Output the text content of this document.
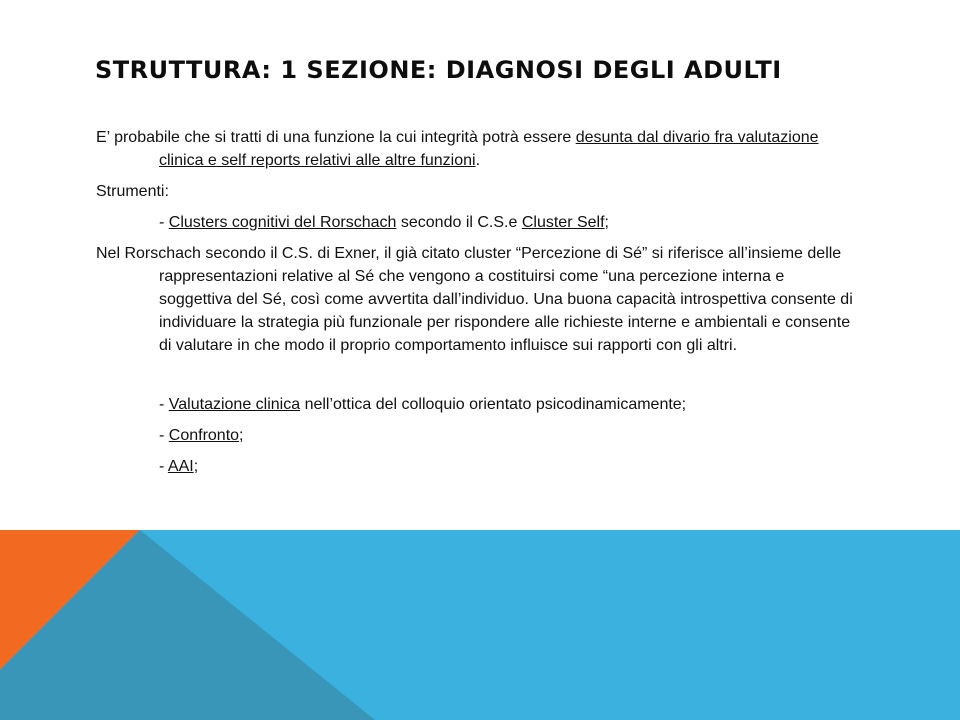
STRUTTURA: 1 SEZIONE: DIAGNOSI DEGLI ADULTI

E’ probabile che si tratti di una funzione la cui integrità potrà essere desunta dal divario fra valutazione clinica e self reports relativi alle altre funzioni.

Strumenti:

- Clusters cognitivi del Rorschach secondo il C.S.e Cluster Self;

Nel Rorschach secondo il C.S. di Exner, il già citato cluster “Percezione di Sé” si riferisce all’insieme delle rappresentazioni relative al Sé che vengono a costituirsi come “una percezione interna e soggettiva del Sé, così come avvertita dall’individuo. Una buona capacità introspettiva consente di individuare la strategia più funzionale per rispondere alle richieste interne e ambientali e consente di valutare in che modo il proprio comportamento influisce sui rapporti con gli altri.

- Valutazione clinica nell’ottica del colloquio orientato psicodinamicamente;

- Confronto;

- AAI;
